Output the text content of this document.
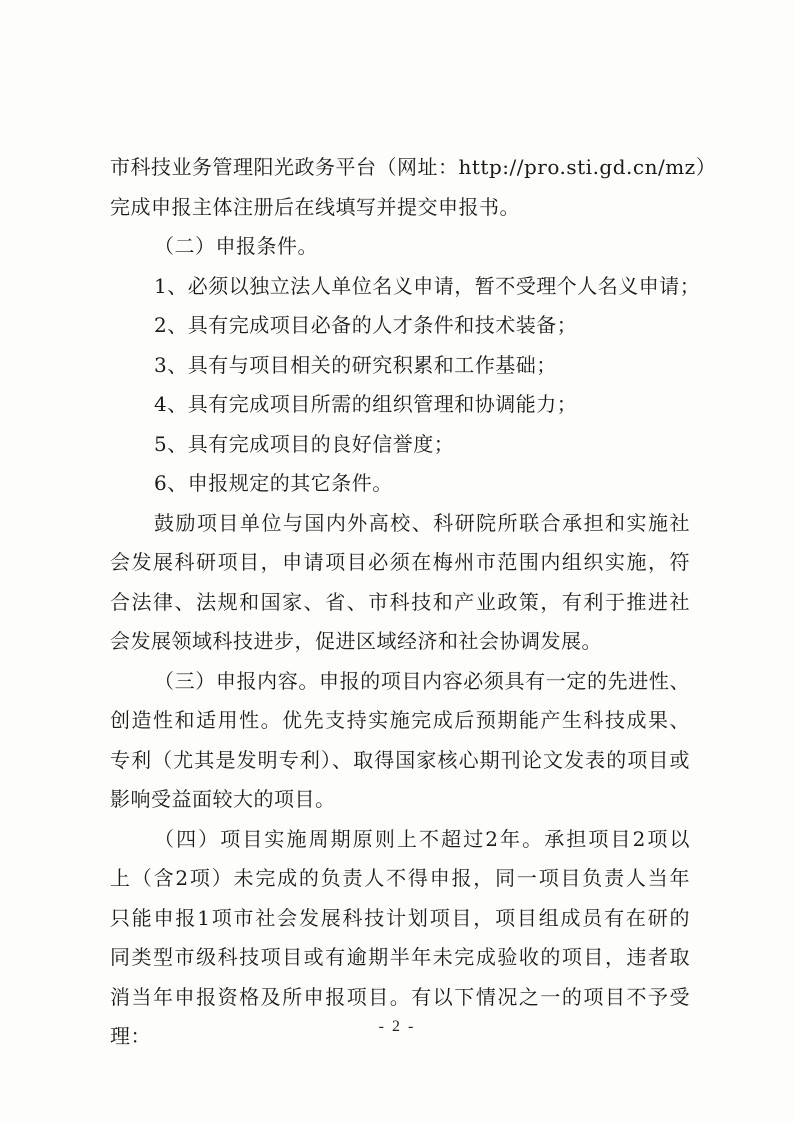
市科技业务管理阳光政务平台（网址：http://pro.sti.gd.cn/mz）
完成申报主体注册后在线填写并提交申报书。
（二）申报条件。
1、必须以独立法人单位名义申请，暂不受理个人名义申请；
2、具有完成项目必备的人才条件和技术装备；
3、具有与项目相关的研究积累和工作基础；
4、具有完成项目所需的组织管理和协调能力；
5、具有完成项目的良好信誉度；
6、申报规定的其它条件。
鼓励项目单位与国内外高校、科研院所联合承担和实施社
会发展科研项目，申请项目必须在梅州市范围内组织实施，符
合法律、法规和国家、省、市科技和产业政策，有利于推进社
会发展领域科技进步，促进区域经济和社会协调发展。
（三）申报内容。申报的项目内容必须具有一定的先进性、
创造性和适用性。优先支持实施完成后预期能产生科技成果、
专利（尤其是发明专利）、取得国家核心期刊论文发表的项目或
影响受益面较大的项目。
（四）项目实施周期原则上不超过2年。承担项目2项以
上（含2项）未完成的负责人不得申报，同一项目负责人当年
只能申报1项市社会发展科技计划项目，项目组成员有在研的
同类型市级科技项目或有逾期半年未完成验收的项目，违者取
消当年申报资格及所申报项目。有以下情况之一的项目不予受
理：	- 2 -
